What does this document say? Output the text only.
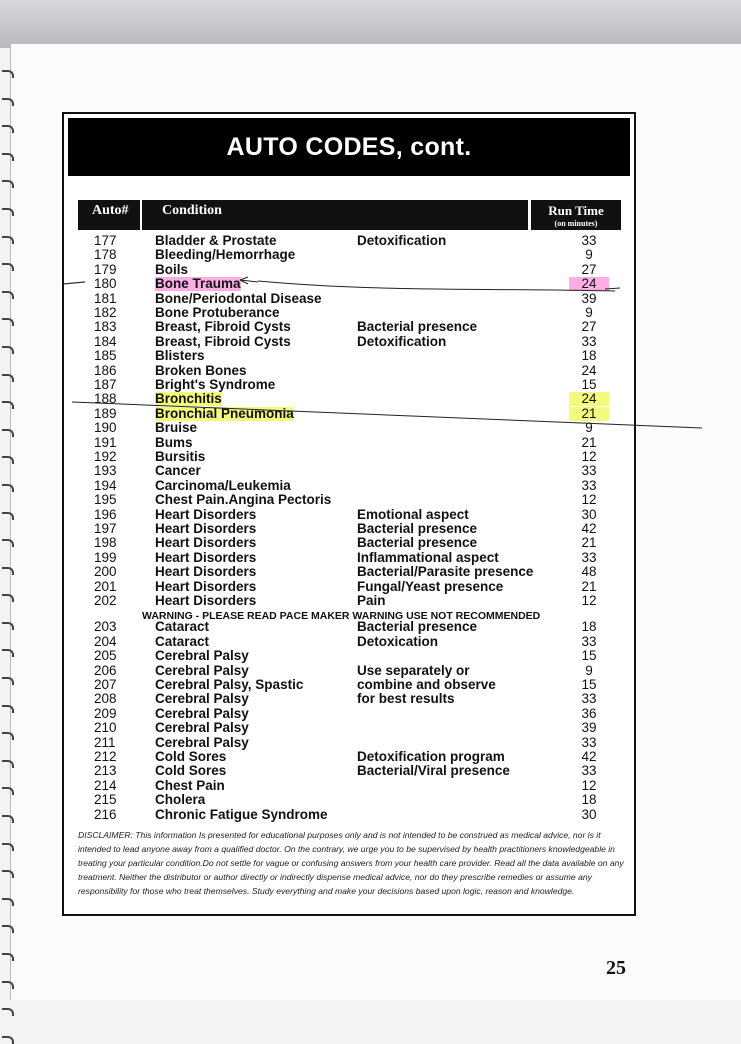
AUTO CODES, cont.
Auto#	Condition	Run Time
(on minutes)
177	Bladder & Prostate	Detoxification	33
178	Bleeding/Hemorrhage	9
179	Boils	27
180	Bone Trauma	24
181	Bone/Periodontal Disease	39
182	Bone Protuberance	9
183	Breast, Fibroid Cysts	Bacterial presence	27
184	Breast, Fibroid Cysts	Detoxification	33
185	Blisters	18
186	Broken Bones	24
187	Bright's Syndrome	15
188	Bronchitis	24
189	Bronchial Pneumonia	21
190	Bruise	9
191	Bums	21
192	Bursitis	12
193	Cancer	33
194	Carcinoma/Leukemia	33
195	Chest Pain.Angina Pectoris	12
196	Heart Disorders	Emotional aspect	30
197	Heart Disorders	Bacterial presence	42
198	Heart Disorders	Bacterial presence	21
199	Heart Disorders	Inflammational aspect	33
200	Heart Disorders	Bacterial/Parasite presence	48
201	Heart Disorders	Fungal/Yeast presence	21
202	Heart Disorders	Pain	12
203	Cataract	Bacterial presence	18
204	Cataract	Detoxication	33
205	Cerebral Palsy	15
206	Cerebral Palsy	Use separately or	9
207	Cerebral Palsy, Spastic	combine and observe	15
208	Cerebral Palsy	for best results	33
209	Cerebral Palsy	36
210	Cerebral Palsy	39
211	Cerebral Palsy	33
212	Cold Sores	Detoxification program	42
213	Cold Sores	Bacterial/Viral presence	33
214	Chest Pain	12
215	Cholera	18
216	Chronic Fatigue Syndrome	30
WARNING - PLEASE READ PACE MAKER WARNING USE NOT RECOMMENDED
DISCLAIMER: This information Is presented for educational purposes only and is not intended to be construed as medical advice, nor is it intended to lead anyone away from a qualified doctor. On the contrary, we urge you to be supervised by health practitioners knowledgeable in treating your particular condition.Do not settle for vague or confusing answers from your health care provider. Read all the data available on any treatment. Neither the distributor or author directly or indirectly dispense medical advice, nor do they prescribe remedies or assume any responsibility for those who treat themselves. Study everything and make your decisions based upon logic, reason and knowledge.
25
